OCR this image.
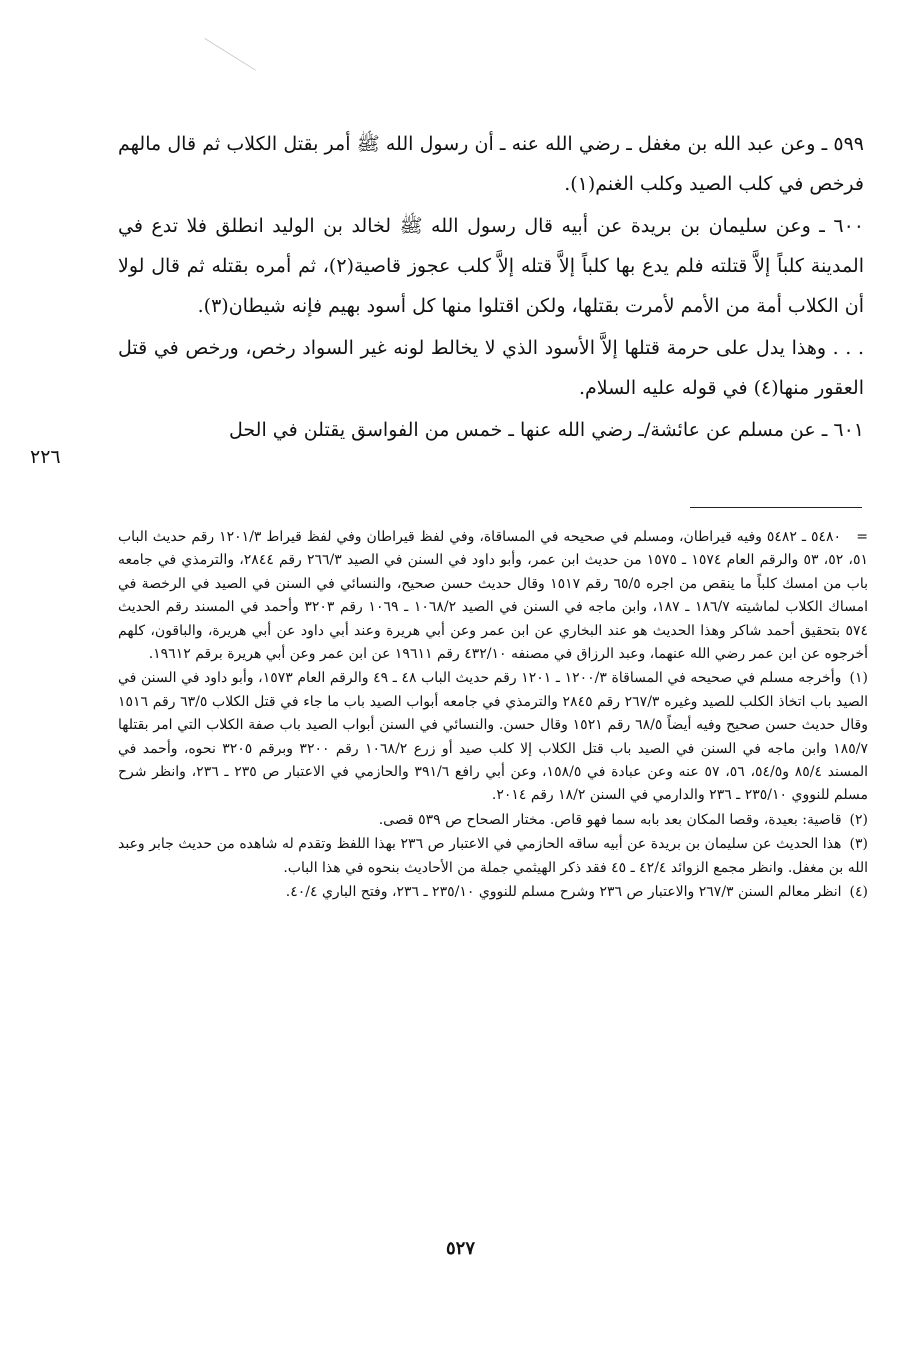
٥٩٩ ـ وعن عبد الله بن مغفل ـ رضي الله عنه ـ أن رسول الله ﷺ أمر بقتل الكلاب ثم قال مالهم فرخص في كلب الصيد وكلب الغنم(١).

٦٠٠ ـ وعن سليمان بن بريدة عن أبيه قال رسول الله ﷺ لخالد بن الوليد انطلق فلا تدع في المدينة كلباً إلاَّ قتلته فلم يدع بها كلباً إلاَّ قتله إلاَّ كلب عجوز قاصية(٢)، ثم أمره بقتله ثم قال لولا أن الكلاب أمة من الأمم لأمرت بقتلها، ولكن اقتلوا منها كل أسود بهيم فإنه شيطان(٣).

. . . وهذا يدل على حرمة قتلها إلاَّ الأسود الذي لا يخالط لونه غير السواد رخص، ورخص في قتل العقور منها(٤) في قوله عليه السلام.

٦٠١ ـ عن مسلم عن عائشة/ـ رضي الله عنها ـ خمس من الفواسق يقتلن في الحل

٢٢٦

= ٥٤٨٠ ـ ٥٤٨٢ وفيه قيراطان، ومسلم في صحيحه في المساقاة، وفي لفظ قيراطان وفي لفظ قيراط ١٢٠١/٣ رقم حديث الباب ٥١، ٥٢، ٥٣ والرقم العام ١٥٧٤ ـ ١٥٧٥ من حديث ابن عمر، وأبو داود في السنن في الصيد ٢٦٦/٣ رقم ٢٨٤٤، والترمذي في جامعه باب من امسك كلباً ما ينقص من اجره ٦٥/٥ رقم ١٥١٧ وقال حديث حسن صحيح، والنسائي في السنن في الصيد في الرخصة في امساك الكلاب لماشيته ١٨٦/٧ ـ ١٨٧، وابن ماجه في السنن في الصيد ١٠٦٨/٢ ـ ١٠٦٩ رقم ٣٢٠٣ وأحمد في المسند رقم الحديث ٥٧٤ بتحقيق أحمد شاكر وهذا الحديث هو عند البخاري عن ابن عمر وعن أبي هريرة وعند أبي داود عن أبي هريرة، والباقون، كلهم أخرجوه عن ابن عمر رضي الله عنهما، وعبد الرزاق في مصنفه ٤٣٢/١٠ رقم ١٩٦١١ عن ابن عمر وعن أبي هريرة برقم ١٩٦١٢.

(١) وأخرجه مسلم في صحيحه في المساقاة ١٢٠٠/٣ ـ ١٢٠١ رقم حديث الباب ٤٨ ـ ٤٩ والرقم العام ١٥٧٣، وأبو داود في السنن في الصيد باب اتخاذ الكلب للصيد وغيره ٢٦٧/٣ رقم ٢٨٤٥ والترمذي في جامعه أبواب الصيد باب ما جاء في قتل الكلاب ٦٣/٥ رقم ١٥١٦ وقال حديث حسن صحيح وفيه أيضاً ٦٨/٥ رقم ١٥٢١ وقال حسن. والنسائي في السنن أبواب الصيد باب صفة الكلاب التي امر بقتلها ١٨٥/٧ وابن ماجه في السنن في الصيد باب قتل الكلاب إلا كلب صيد أو زرع ١٠٦٨/٢ رقم ٣٢٠٠ وبرقم ٣٢٠٥ نحوه، وأحمد في المسند ٨٥/٤ و٥٤/٥، ٥٦، ٥٧ عنه وعن عبادة في ١٥٨/٥، وعن أبي رافع ٣٩١/٦ والحازمي في الاعتبار ص ٢٣٥ ـ ٢٣٦، وانظر شرح مسلم للنووي ٢٣٥/١٠ ـ ٢٣٦ والدارمي في السنن ١٨/٢ رقم ٢٠١٤.

(٢) قاصية: بعيدة، وقصا المكان بعد بابه سما فهو قاص. مختار الصحاح ص ٥٣٩ قصى.

(٣) هذا الحديث عن سليمان بن بريدة عن أبيه ساقه الحازمي في الاعتبار ص ٢٣٦ بهذا اللفظ وتقدم له شاهده من حديث جابر وعبد الله بن مغفل. وانظر مجمع الزوائد ٤٢/٤ ـ ٤٥ فقد ذكر الهيثمي جملة من الأحاديث بنحوه في هذا الباب.

(٤) انظر معالم السنن ٢٦٧/٣ والاعتبار ص ٢٣٦ وشرح مسلم للنووي ٢٣٥/١٠ ـ ٢٣٦، وفتح الباري ٤٠/٤.

٥٢٧
